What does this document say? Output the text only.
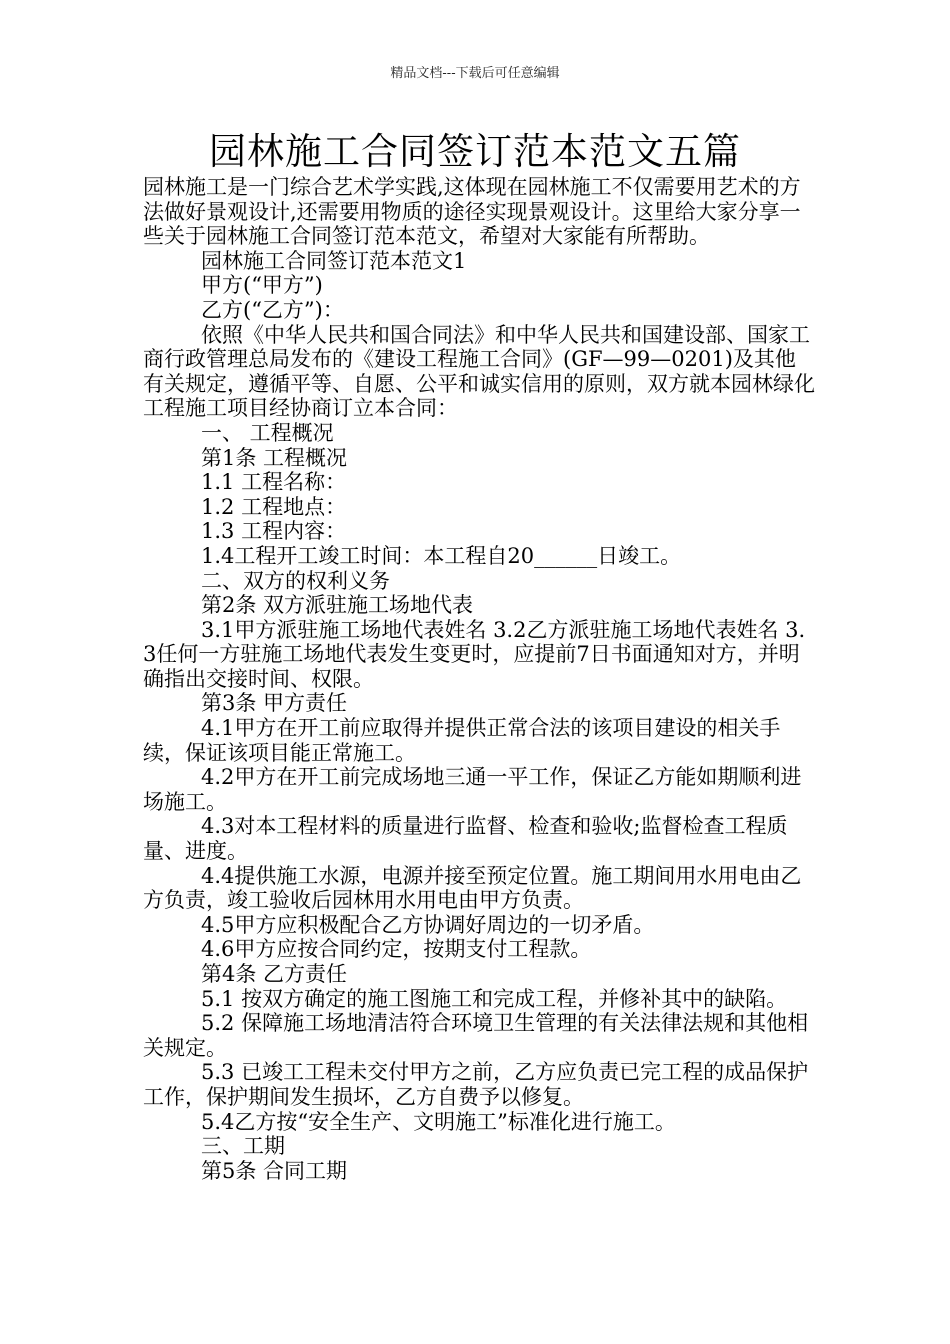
精品文档---下载后可任意编辑
园林施工合同签订范本范文五篇

园林施工是一门综合艺术学实践,这体现在园林施工不仅需要用艺术的方法做好景观设计,还需要用物质的途径实现景观设计。这里给大家分享一些关于园林施工合同签订范本范文，希望对大家能有所帮助。

园林施工合同签订范本范文1

甲方(“甲方”)

乙方(“乙方”)：

依照《中华人民共和国合同法》和中华人民共和国建设部、国家工商行政管理总局发布的《建设工程施工合同》(GF—99—0201)及其他有关规定，遵循平等、自愿、公平和诚实信用的原则，双方就本园林绿化工程施工项目经协商订立本合同：

一、 工程概况

第1条 工程概况

1.1 工程名称：

1.2 工程地点：

1.3 工程内容：

1.4工程开工竣工时间：本工程自20______日竣工。

二、双方的权利义务

第2条 双方派驻施工场地代表

3.1甲方派驻施工场地代表姓名 3.2乙方派驻施工场地代表姓名 3.3任何一方驻施工场地代表发生变更时，应提前7日书面通知对方，并明确指出交接时间、权限。

第3条 甲方责任

4.1甲方在开工前应取得并提供正常合法的该项目建设的相关手续，保证该项目能正常施工。

4.2甲方在开工前完成场地三通一平工作，保证乙方能如期顺利进场施工。

4.3对本工程材料的质量进行监督、检查和验收;监督检查工程质量、进度。

4.4提供施工水源，电源并接至预定位置。施工期间用水用电由乙方负责，竣工验收后园林用水用电由甲方负责。

4.5甲方应积极配合乙方协调好周边的一切矛盾。

4.6甲方应按合同约定，按期支付工程款。

第4条 乙方责任

5.1 按双方确定的施工图施工和完成工程，并修补其中的缺陷。

5.2 保障施工场地清洁符合环境卫生管理的有关法律法规和其他相关规定。

5.3 已竣工工程未交付甲方之前，乙方应负责已完工程的成品保护工作，保护期间发生损坏，乙方自费予以修复。

5.4乙方按“安全生产、文明施工”标准化进行施工。

三、工期

第5条 合同工期
